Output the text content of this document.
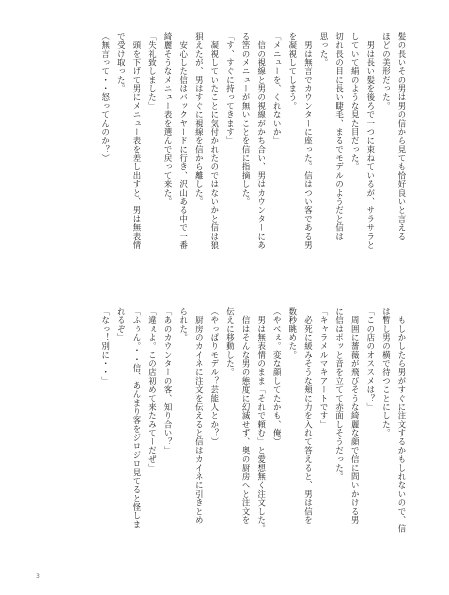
髪の長いその男は男の信から見ても恰好良いと言える

ほどの美形だった。

　男は長い髪を後ろで一つに束ねているが、サラサラと

していて絹のような見た目だった。

切れ長の目に長い睫毛、まるでモデルのようだと信は

思った。

　男は無言でカウンターに座った。信はつい客である男

を凝視してしまう。

「メニューを、くれないか」

　信の視線と男の視線がかち合い、男はカウンターにあ

る筈のメニューが無いことを信に指摘した。

「す、すぐに持ってきます」

　凝視していたことに気付かれたのではないかと信は狼

狽えたが、男はすぐに視線を信から離した。

　安心した信はバックヤードに行き、沢山ある中で一番

綺麗そうなメニュー表を選んで戻って来た。

「失礼致しました」

　頭を下げて男にメニュー表を差し出すと、男は無表情

で受け取った。

（無言って・・怒ってんのか？）

　もしかしたら男がすぐに注文するかもしれないので、信

は暫し男の横で待つことにした。

「この店のオススメは？」

　周囲に薔薇が飛びそうな綺麗な顔で信に問いかける男

に信はポッと音を立てて赤面しそうだった。

「キャラメルマキアートです」

　必死に緩みそうな頬に力を入れて答えると、男は信を

数秒眺めた。

（やべぇ。変な顔してたかも、俺）

　男は無表情のまま「それで頼む」と愛想無く注文した。

　信はそんな男の態度に幻滅せず、奥の厨房へと注文を

伝えに移動した。

（やっぱりモデル？芸能人とか？）

　厨房のカイネに注文を伝えると信はカイネに引きとめ

られた。

「あのカウンターの客、知り合い？」

「違ぇよ。この店初めて来たみてーだぜ」

「ふぅん。・・信、あんまり客をジロジロ見てると怪しま

れるぞ」

「なっ！別に・・」

3
